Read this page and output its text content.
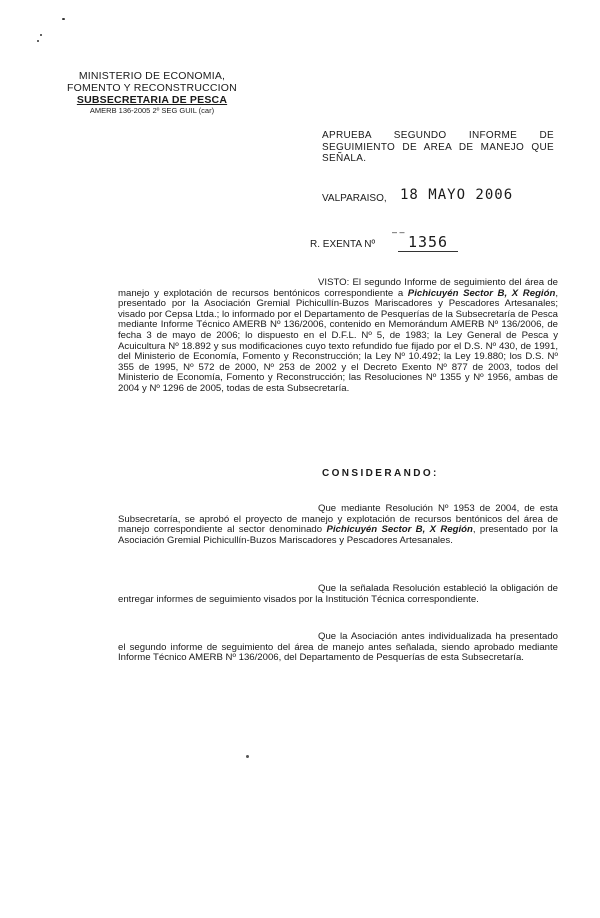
MINISTERIO DE ECONOMIA,
FOMENTO Y RECONSTRUCCION
SUBSECRETARIA DE PESCA
AMERB 136-2005 2º SEG GUIL (car)
APRUEBA SEGUNDO INFORME DE SEGUIMIENTO DE AREA DE MANEJO QUE SEÑALA.
VALPARAISO, 18 MAYO 2006
– –
R. EXENTA Nº	1356
VISTO: El segundo Informe de seguimiento del área de manejo y explotación de recursos bentónicos correspondiente a Pichicuyén Sector B, X Región, presentado por la Asociación Gremial Pichicullín-Buzos Mariscadores y Pescadores Artesanales; visado por Cepsa Ltda.; lo informado por el Departamento de Pesquerías de la Subsecretaría de Pesca mediante Informe Técnico AMERB Nº 136/2006, contenido en Memorándum AMERB Nº 136/2006, de fecha 3 de mayo de 2006; lo dispuesto en el D.F.L. Nº 5, de 1983; la Ley General de Pesca y Acuicultura Nº 18.892 y sus modificaciones cuyo texto refundido fue fijado por el D.S. Nº 430, de 1991, del Ministerio de Economía, Fomento y Reconstrucción; la Ley Nº 10.492; la Ley 19.880; los D.S. Nº 355 de 1995, Nº 572 de 2000, Nº 253 de 2002 y el Decreto Exento Nº 877 de 2003, todos del Ministerio de Economía, Fomento y Reconstrucción; las Resoluciones Nº 1355 y Nº 1956, ambas de 2004 y Nº 1296 de 2005, todas de esta Subsecretaría.
CONSIDERANDO:
Que mediante Resolución Nº 1953 de 2004, de esta Subsecretaría, se aprobó el proyecto de manejo y explotación de recursos bentónicos del área de manejo correspondiente al sector denominado Pichicuyén Sector B, X Región, presentado por la Asociación Gremial Pichicullín-Buzos Mariscadores y Pescadores Artesanales.
Que la señalada Resolución estableció la obligación de entregar informes de seguimiento visados por la Institución Técnica correspondiente.
Que la Asociación antes individualizada ha presentado el segundo informe de seguimiento del área de manejo antes señalada, siendo aprobado mediante Informe Técnico AMERB Nº 136/2006, del Departamento de Pesquerías de esta Subsecretaría.
